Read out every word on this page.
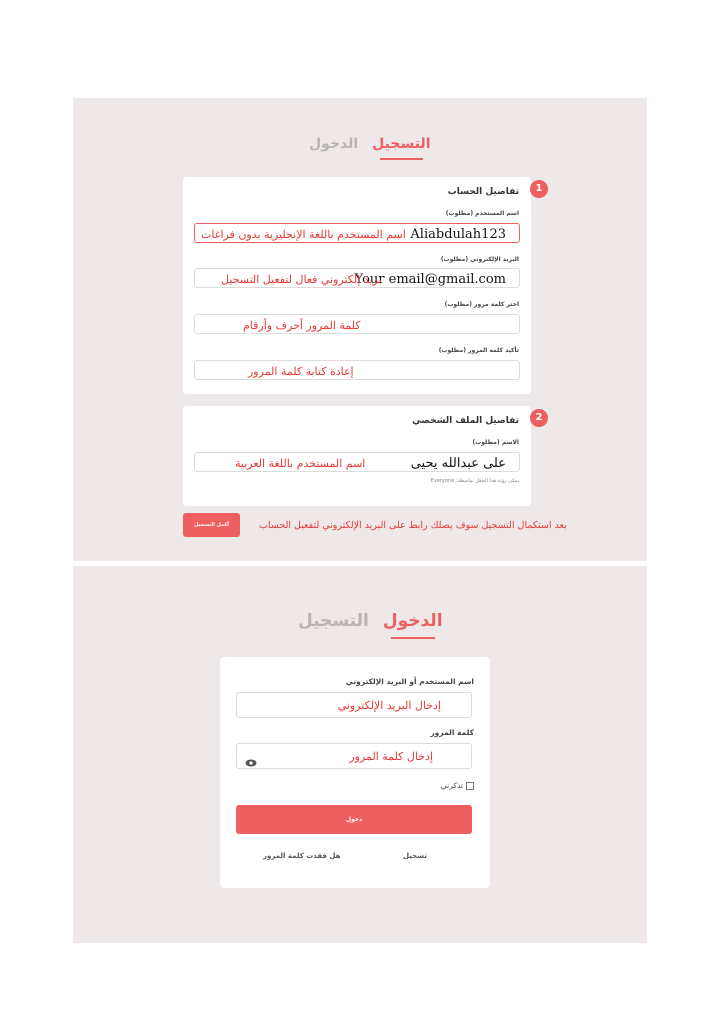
التسجيل
الدخول
تفاصيل الحساب
اسم المستخدم (مطلوب)
Aliabdulah123
اسم المستخدم باللغة الإنجليزية بدون فراغات
البريد الإلكتروني (مطلوب)
Your email@gmail.com
بريد إلكتروني فعال لتفعيل التسجيل
اختر كلمة مرور (مطلوب)
كلمة المرور أحرف وأرقام
تأكيد كلمة المرور (مطلوب)
إعادة كتابة كلمة المرور
1
تفاصيل الملف الشخصي
الاسم (مطلوب)
على عبدالله يحيى
اسم المستخدم باللغة العربية
يمكن رؤية هذا الحقل بواسطة: Everyone
2
أكمل التسجيل	بعد استكمال التسجيل سوف يصلك رابط على البريد الإلكتروني لتفعيل الحساب
الدخول
التسجيل
اسم المستخدم أو البريد الإلكتروني
إدخال البريد الإلكتروني
كلمة المرور
إدخال كلمة المرور
تذكرني
دخول
تسجيل
هل فقدت كلمة المرور
